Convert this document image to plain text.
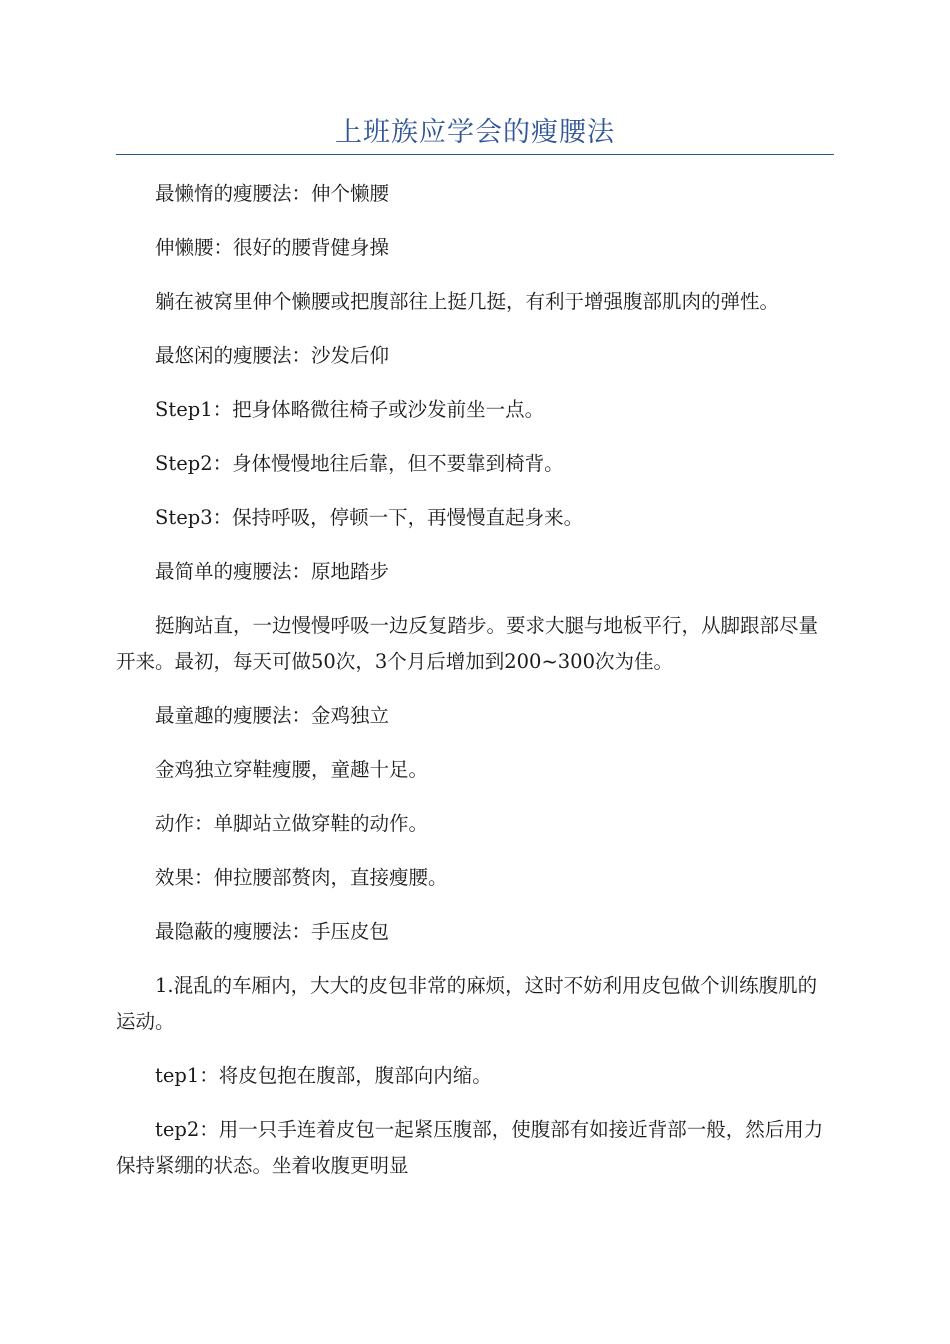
上班族应学会的瘦腰法

最懒惰的瘦腰法：伸个懒腰

伸懒腰：很好的腰背健身操

躺在被窝里伸个懒腰或把腹部往上挺几挺，有利于增强腹部肌肉的弹性。

最悠闲的瘦腰法：沙发后仰

Step1：把身体略微往椅子或沙发前坐一点。

Step2：身体慢慢地往后靠，但不要靠到椅背。

Step3：保持呼吸，停顿一下，再慢慢直起身来。

最简单的瘦腰法：原地踏步

挺胸站直，一边慢慢呼吸一边反复踏步。要求大腿与地板平行，从脚跟部尽量开来。最初，每天可做50次，3个月后增加到200~300次为佳。

最童趣的瘦腰法：金鸡独立

金鸡独立穿鞋瘦腰，童趣十足。

动作：单脚站立做穿鞋的动作。

效果：伸拉腰部赘肉，直接瘦腰。

最隐蔽的瘦腰法：手压皮包

1.混乱的车厢内，大大的皮包非常的麻烦，这时不妨利用皮包做个训练腹肌的运动。

tep1：将皮包抱在腹部，腹部向内缩。

tep2：用一只手连着皮包一起紧压腹部，使腹部有如接近背部一般，然后用力保持紧绷的状态。坐着收腹更明显
